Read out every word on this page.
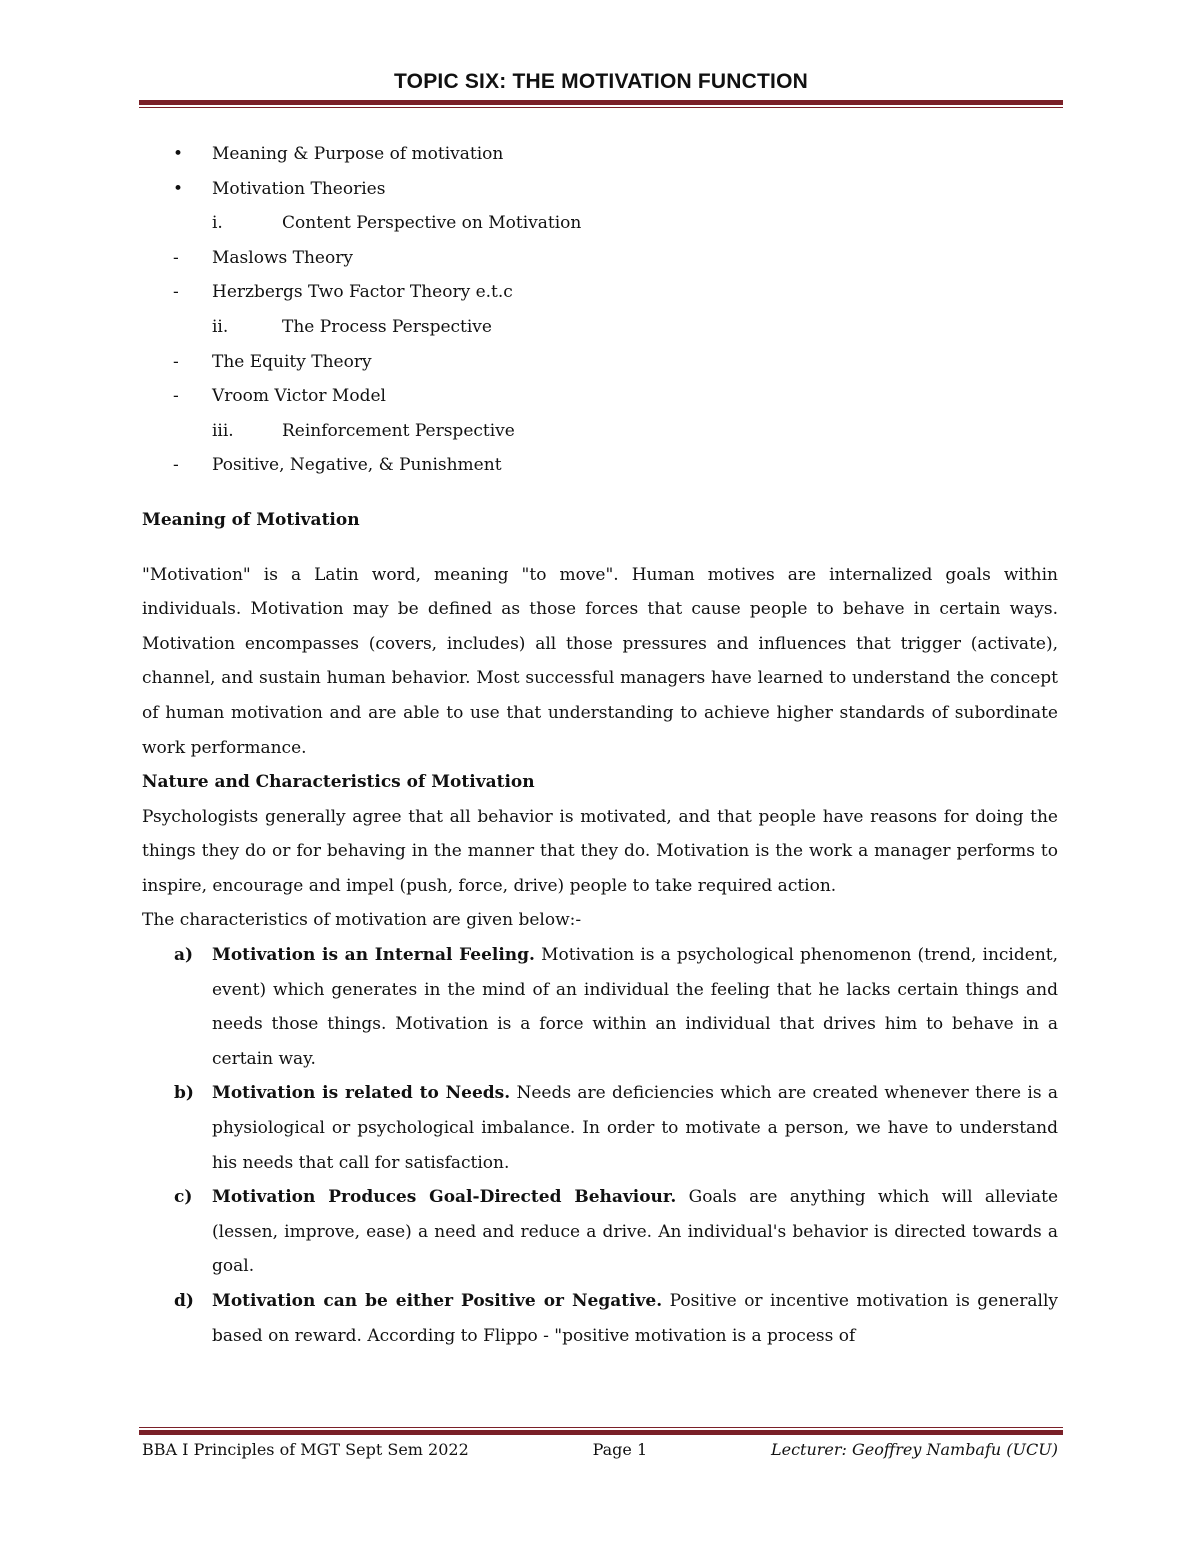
TOPIC SIX: THE MOTIVATION FUNCTION
• Meaning & Purpose of motivation
• Motivation Theories
i.	Content Perspective on Motivation
- Maslows Theory
- Herzbergs Two Factor Theory e.t.c
ii.	The Process Perspective
- The Equity Theory
- Vroom Victor Model
iii.	Reinforcement Perspective
- Positive, Negative, & Punishment
Meaning of Motivation

"Motivation" is a Latin word, meaning "to move". Human motives are internalized goals within individuals. Motivation may be defined as those forces that cause people to behave in certain ways. Motivation encompasses (covers, includes) all those pressures and influences that trigger (activate), channel, and sustain human behavior. Most successful managers have learned to understand the concept of human motivation and are able to use that understanding to achieve higher standards of subordinate work performance.

Nature and Characteristics of Motivation

Psychologists generally agree that all behavior is motivated, and that people have reasons for doing the things they do or for behaving in the manner that they do. Motivation is the work a manager performs to inspire, encourage and impel (push, force, drive) people to take required action.

The characteristics of motivation are given below:-

a) Motivation is an Internal Feeling. Motivation is a psychological phenomenon (trend, incident, event) which generates in the mind of an individual the feeling that he lacks certain things and needs those things. Motivation is a force within an individual that drives him to behave in a certain way.
b) Motivation is related to Needs. Needs are deficiencies which are created whenever there is a physiological or psychological imbalance. In order to motivate a person, we have to understand his needs that call for satisfaction.
c) Motivation Produces Goal-Directed Behaviour. Goals are anything which will alleviate (lessen, improve, ease) a need and reduce a drive. An individual's behavior is directed towards a goal.
d) Motivation can be either Positive or Negative. Positive or incentive motivation is generally based on reward. According to Flippo - "positive motivation is a process of
BBA I Principles of MGT Sept Sem 2022	Page 1	Lecturer: Geoffrey Nambafu (UCU)
